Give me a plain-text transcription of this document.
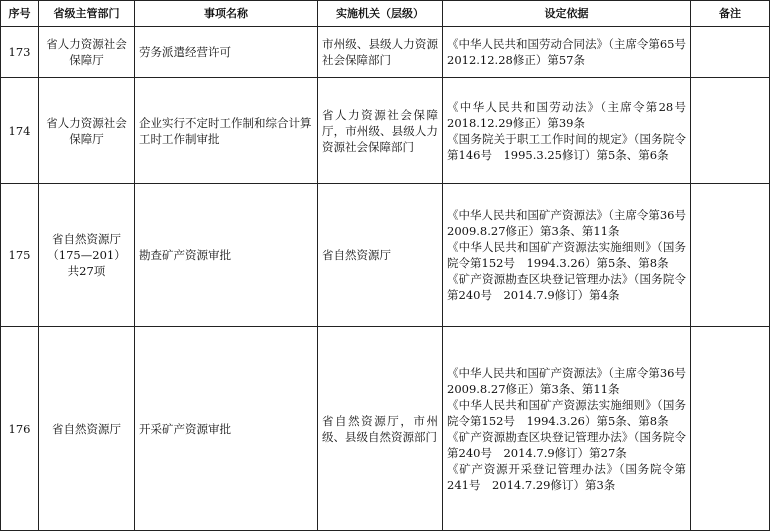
序号	省级主管部门	事项名称	实施机关（层级）	设定依据	备注
173	省人力资源社会保障厅	劳务派遣经营许可	市州级、县级人力资源社会保障部门	《中华人民共和国劳动合同法》（主席令第65号　2012.12.28修正）第57条	

174	省人力资源社会保障厅	企业实行不定时工作制和综合计算工时工作制审批	省人力资源社会保障厅，市州级、县级人力资源社会保障部门	《中华人民共和国劳动法》（主席令第28号　2018.12.29修正）第39条
《国务院关于职工工作时间的规定》（国务院令第146号　1995.3.25修订）第5条、第6条	

175	省自然资源厅（175—201）共27项	勘查矿产资源审批	省自然资源厅	《中华人民共和国矿产资源法》（主席令第36号　2009.8.27修正）第3条、第11条
《中华人民共和国矿产资源法实施细则》（国务院令第152号　1994.3.26）第5条、第8条
《矿产资源勘查区块登记管理办法》（国务院令第240号　2014.7.9修订）第4条	

176	省自然资源厅	开采矿产资源审批	省自然资源厅，市州级、县级自然资源部门	《中华人民共和国矿产资源法》（主席令第36号　2009.8.27修正）第3条、第11条
《中华人民共和国矿产资源法实施细则》（国务院令第152号　1994.3.26）第5条、第8条
《矿产资源勘查区块登记管理办法》（国务院令第240号　2014.7.9修订）第27条
《矿产资源开采登记管理办法》（国务院令第241号　2014.7.29修订）第3条	
